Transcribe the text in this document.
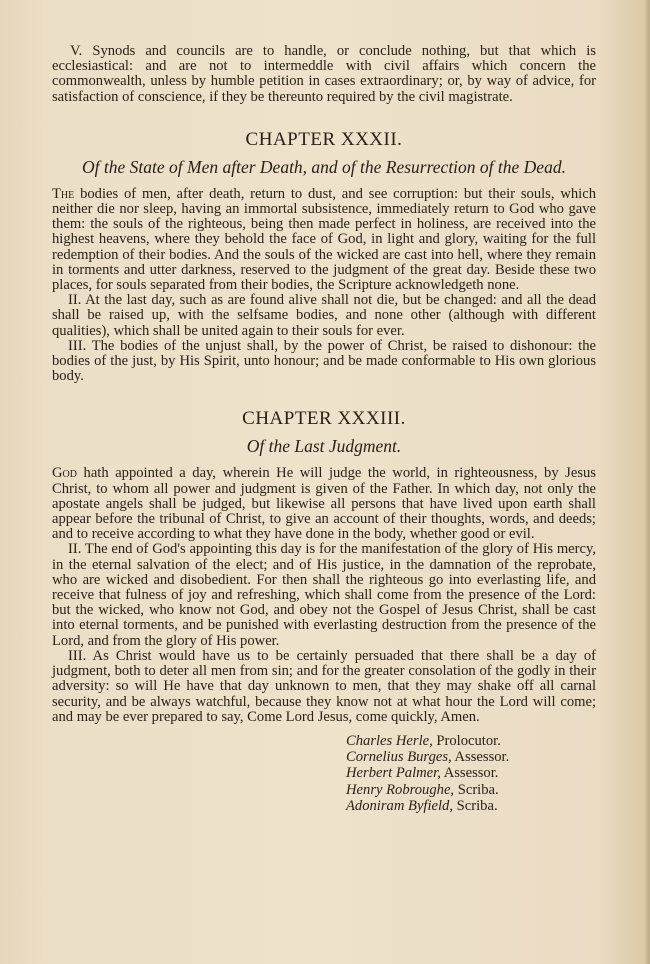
V. Synods and councils are to handle, or conclude nothing, but that which is ecclesiastical: and are not to intermeddle with civil affairs which concern the commonwealth, unless by humble petition in cases extraordinary; or, by way of advice, for satisfaction of conscience, if they be thereunto required by the civil magistrate.

CHAPTER XXXII.
Of the State of Men after Death, and of the Resurrection of the Dead.

The bodies of men, after death, return to dust, and see corruption: but their souls, which neither die nor sleep, having an immortal subsistence, immediately return to God who gave them: the souls of the righteous, being then made perfect in holiness, are received into the highest heavens, where they behold the face of God, in light and glory, waiting for the full redemption of their bodies. And the souls of the wicked are cast into hell, where they remain in torments and utter darkness, reserved to the judgment of the great day. Beside these two places, for souls separated from their bodies, the Scripture acknowledgeth none.

II. At the last day, such as are found alive shall not die, but be changed: and all the dead shall be raised up, with the selfsame bodies, and none other (although with different qualities), which shall be united again to their souls for ever.

III. The bodies of the unjust shall, by the power of Christ, be raised to dishonour: the bodies of the just, by His Spirit, unto honour; and be made conformable to His own glorious body.

CHAPTER XXXIII.
Of the Last Judgment.

God hath appointed a day, wherein He will judge the world, in righteousness, by Jesus Christ, to whom all power and judgment is given of the Father. In which day, not only the apostate angels shall be judged, but likewise all persons that have lived upon earth shall appear before the tribunal of Christ, to give an account of their thoughts, words, and deeds; and to receive according to what they have done in the body, whether good or evil.

II. The end of God's appointing this day is for the manifestation of the glory of His mercy, in the eternal salvation of the elect; and of His justice, in the damnation of the reprobate, who are wicked and disobedient. For then shall the righteous go into everlasting life, and receive that fulness of joy and refreshing, which shall come from the presence of the Lord: but the wicked, who know not God, and obey not the Gospel of Jesus Christ, shall be cast into eternal torments, and be punished with everlasting destruction from the presence of the Lord, and from the glory of His power.

III. As Christ would have us to be certainly persuaded that there shall be a day of judgment, both to deter all men from sin; and for the greater consolation of the godly in their adversity: so will He have that day unknown to men, that they may shake off all carnal security, and be always watchful, because they know not at what hour the Lord will come; and may be ever prepared to say, Come Lord Jesus, come quickly, Amen.

Charles Herle, Prolocutor.
Cornelius Burges, Assessor.
Herbert Palmer, Assessor.
Henry Robroughe, Scriba.
Adoniram Byfield, Scriba.
